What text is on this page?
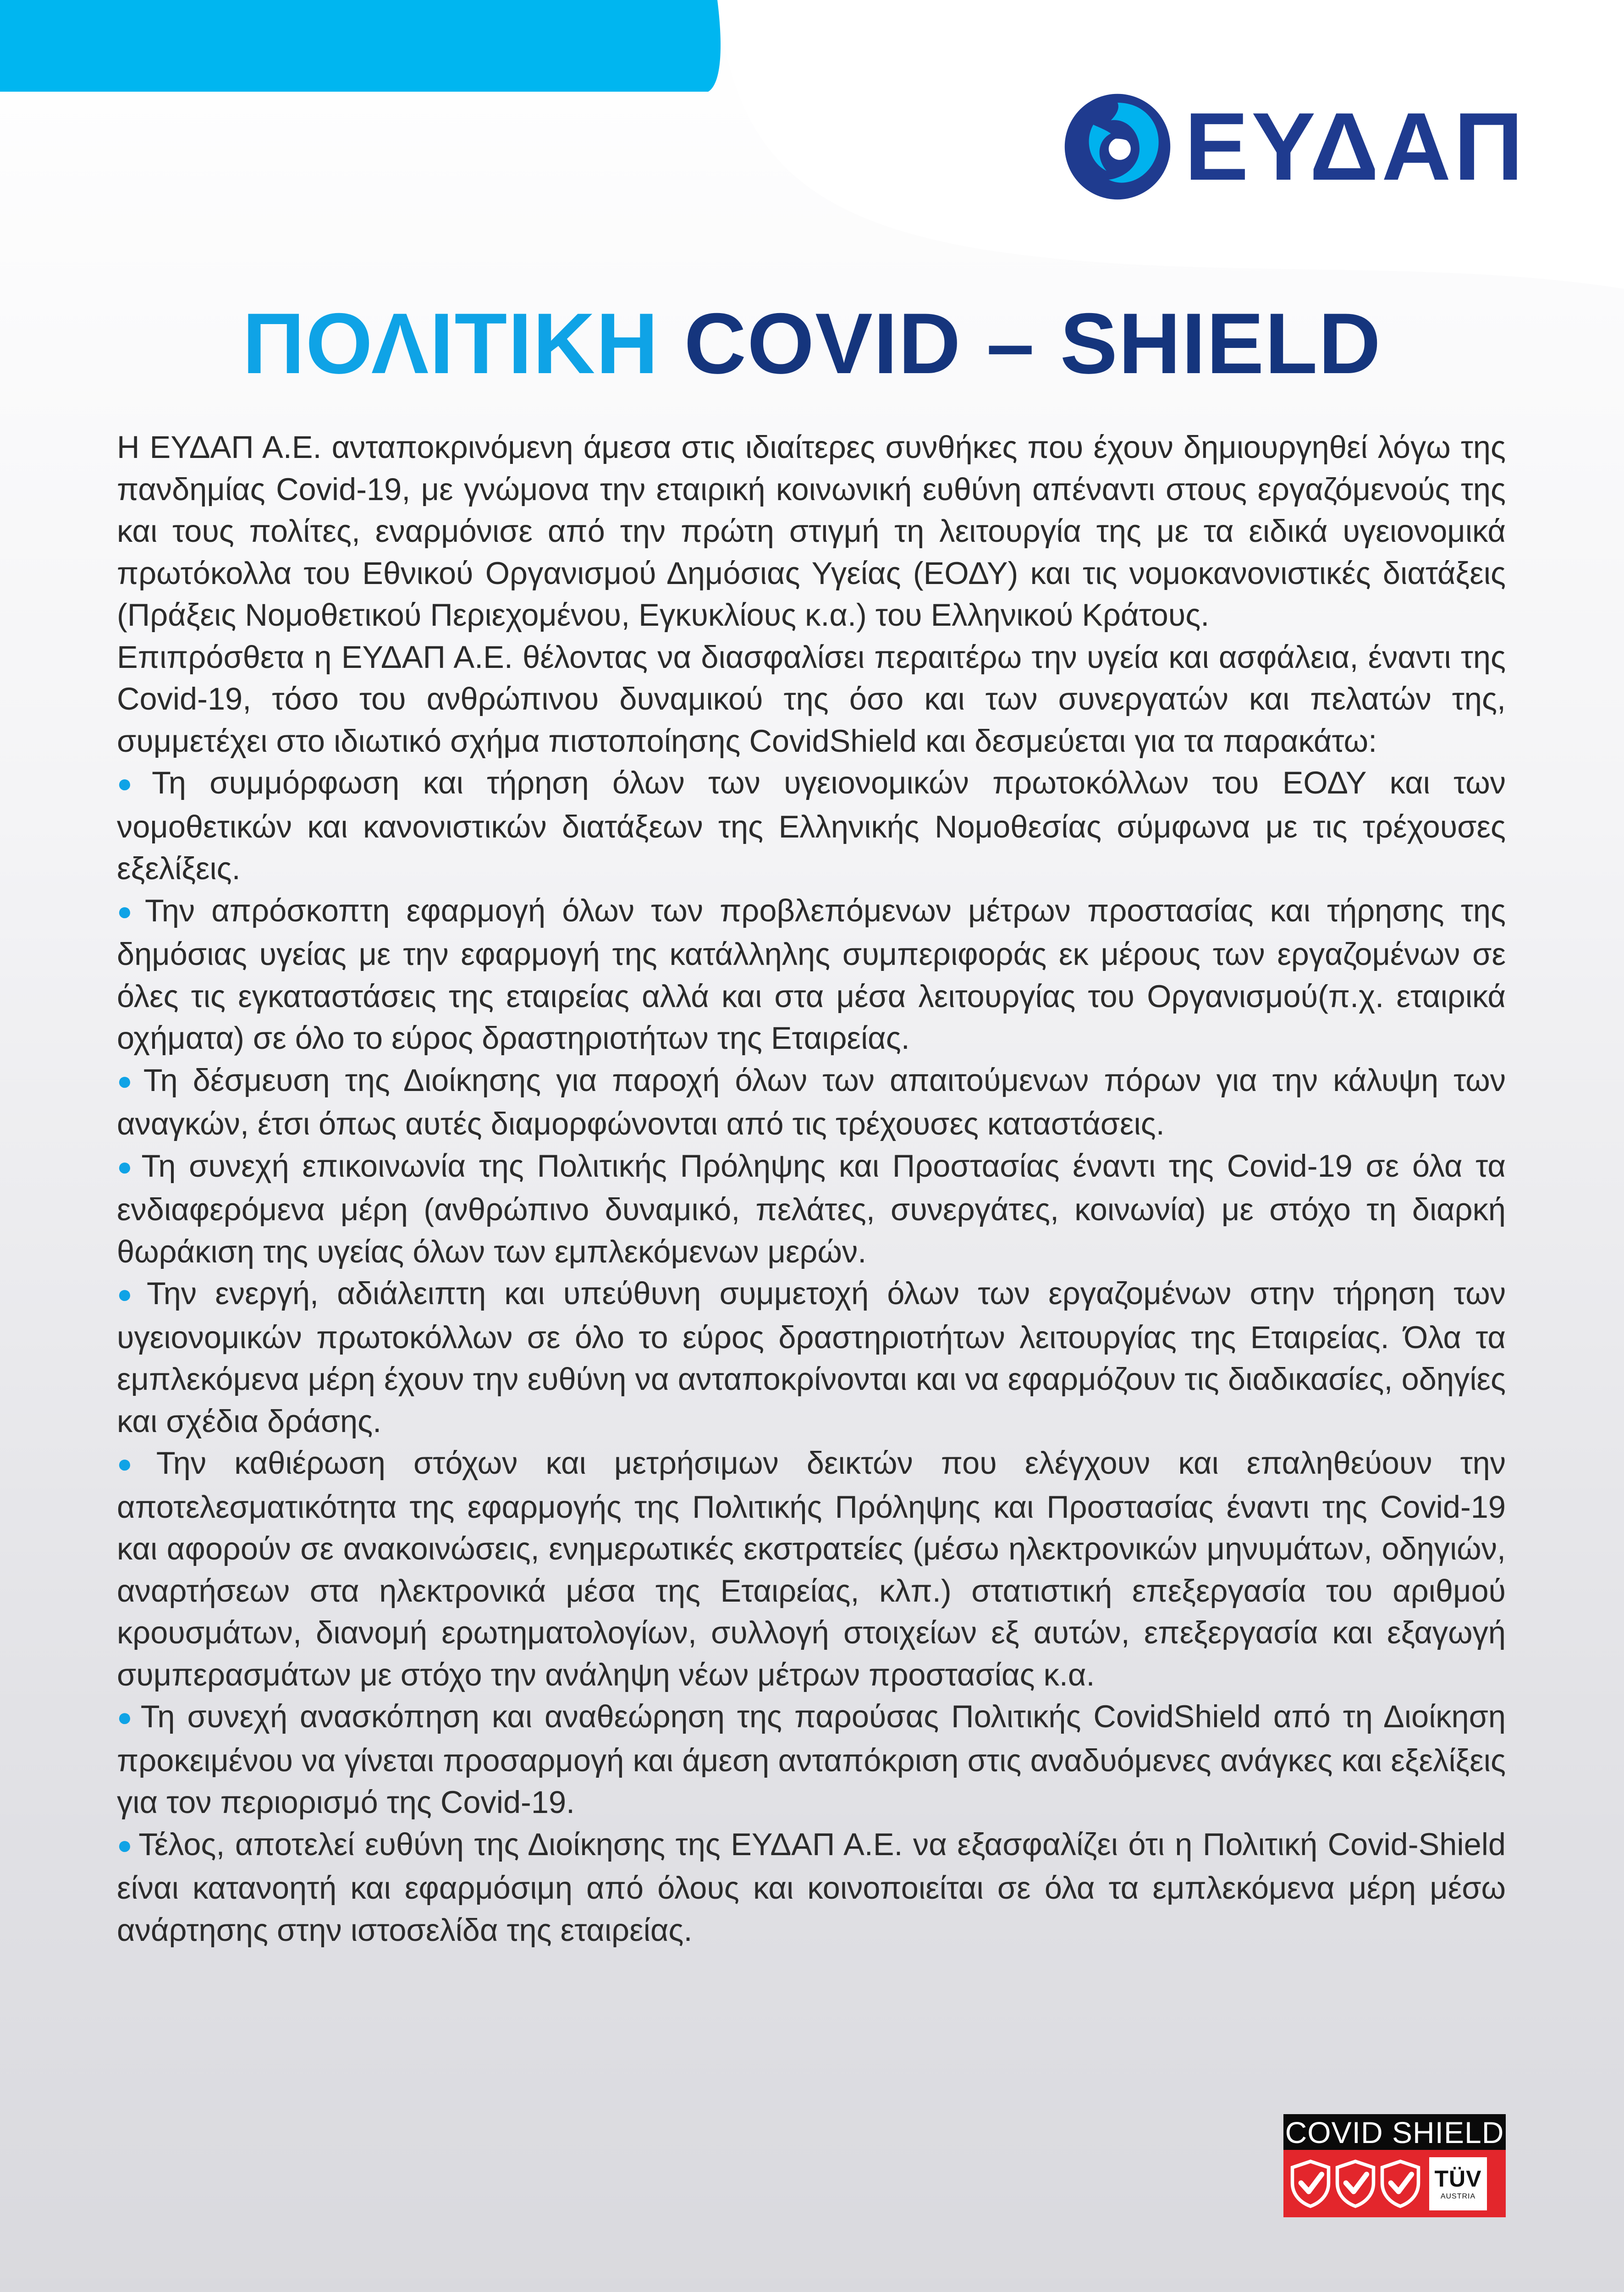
ΕΥΔΑΠ
ΠΟΛΙΤΙΚΗ COVID – SHIELD

Η ΕΥΔΑΠ Α.Ε. ανταποκρινόμενη άμεσα στις ιδιαίτερες συνθήκες που έχουν δημιουργηθεί λόγω της πανδημίας Covid-19, με γνώμονα την εταιρική κοινωνική ευθύνη απέναντι στους εργαζόμενούς της και τους πολίτες, εναρμόνισε από την πρώτη στιγμή τη λειτουργία της με τα ειδικά υγειονομικά πρωτόκολλα του Εθνικού Οργανισμού Δημόσιας Υγείας (ΕΟΔΥ) και τις νομοκανονιστικές διατάξεις (Πράξεις Νομοθετικού Περιεχομένου, Εγκυκλίους κ.α.) του Ελληνικού Κράτους.

Επιπρόσθετα η ΕΥΔΑΠ Α.Ε. θέλοντας να διασφαλίσει περαιτέρω την υγεία και ασφάλεια, έναντι της Covid-19, τόσο του ανθρώπινου δυναμικού της όσο και των συνεργατών και πελατών της, συμμετέχει στο ιδιωτικό σχήμα πιστοποίησης CovidShield και δεσμεύεται για τα παρακάτω:

● Τη συμμόρφωση και τήρηση όλων των υγειονομικών πρωτοκόλλων του ΕΟΔΥ και των νομοθετικών και κανονιστικών διατάξεων της Ελληνικής Νομοθεσίας σύμφωνα με τις τρέχουσες εξελίξεις.

● Την απρόσκοπτη εφαρμογή όλων των προβλεπόμενων μέτρων προστασίας και τήρησης της δημόσιας υγείας με την εφαρμογή της κατάλληλης συμπεριφοράς εκ μέρους των εργαζομένων σε όλες τις εγκαταστάσεις της εταιρείας αλλά και στα μέσα λειτουργίας του Οργανισμού(π.χ. εταιρικά οχήματα) σε όλο το εύρος δραστηριοτήτων της Εταιρείας.

● Τη δέσμευση της Διοίκησης για παροχή όλων των απαιτούμενων πόρων για την κάλυψη των αναγκών, έτσι όπως αυτές διαμορφώνονται από τις τρέχουσες καταστάσεις.

● Τη συνεχή επικοινωνία της Πολιτικής Πρόληψης και Προστασίας έναντι της Covid-19 σε όλα τα ενδιαφερόμενα μέρη (ανθρώπινο δυναμικό, πελάτες, συνεργάτες, κοινωνία) με στόχο τη διαρκή θωράκιση της υγείας όλων των εμπλεκόμενων μερών.

● Την ενεργή, αδιάλειπτη και υπεύθυνη συμμετοχή όλων των εργαζομένων στην τήρηση των υγειονομικών πρωτοκόλλων σε όλο το εύρος δραστηριοτήτων λειτουργίας της Εταιρείας. Όλα τα εμπλεκόμενα μέρη έχουν την ευθύνη να ανταποκρίνονται και να εφαρμόζουν τις διαδικασίες, οδηγίες και σχέδια δράσης.

● Την καθιέρωση στόχων και μετρήσιμων δεικτών που ελέγχουν και επαληθεύουν την αποτελεσματικότητα της εφαρμογής της Πολιτικής Πρόληψης και Προστασίας έναντι της Covid-19 και αφορούν σε ανακοινώσεις, ενημερωτικές εκστρατείες (μέσω ηλεκτρονικών μηνυμάτων, οδηγιών, αναρτήσεων στα ηλεκτρονικά μέσα της Εταιρείας, κλπ.) στατιστική επεξεργασία του αριθμού κρουσμάτων, διανομή ερωτηματολογίων, συλλογή στοιχείων εξ αυτών, επεξεργασία και εξαγωγή συμπερασμάτων με στόχο την ανάληψη νέων μέτρων προστασίας κ.α.

● Τη συνεχή ανασκόπηση και αναθεώρηση της παρούσας Πολιτικής CovidShield από τη Διοίκηση προκειμένου να γίνεται προσαρμογή και άμεση ανταπόκριση στις αναδυόμενες ανάγκες και εξελίξεις για τον περιορισμό της Covid-19.

● Τέλος, αποτελεί ευθύνη της Διοίκησης της ΕΥΔΑΠ Α.Ε. να εξασφαλίζει ότι η Πολιτική Covid-Shield είναι κατανοητή και εφαρμόσιμη από όλους και κοινοποιείται σε όλα τα εμπλεκόμενα μέρη μέσω ανάρτησης στην ιστοσελίδα της εταιρείας.

COVID SHIELD
TÜV
AUSTRIA
